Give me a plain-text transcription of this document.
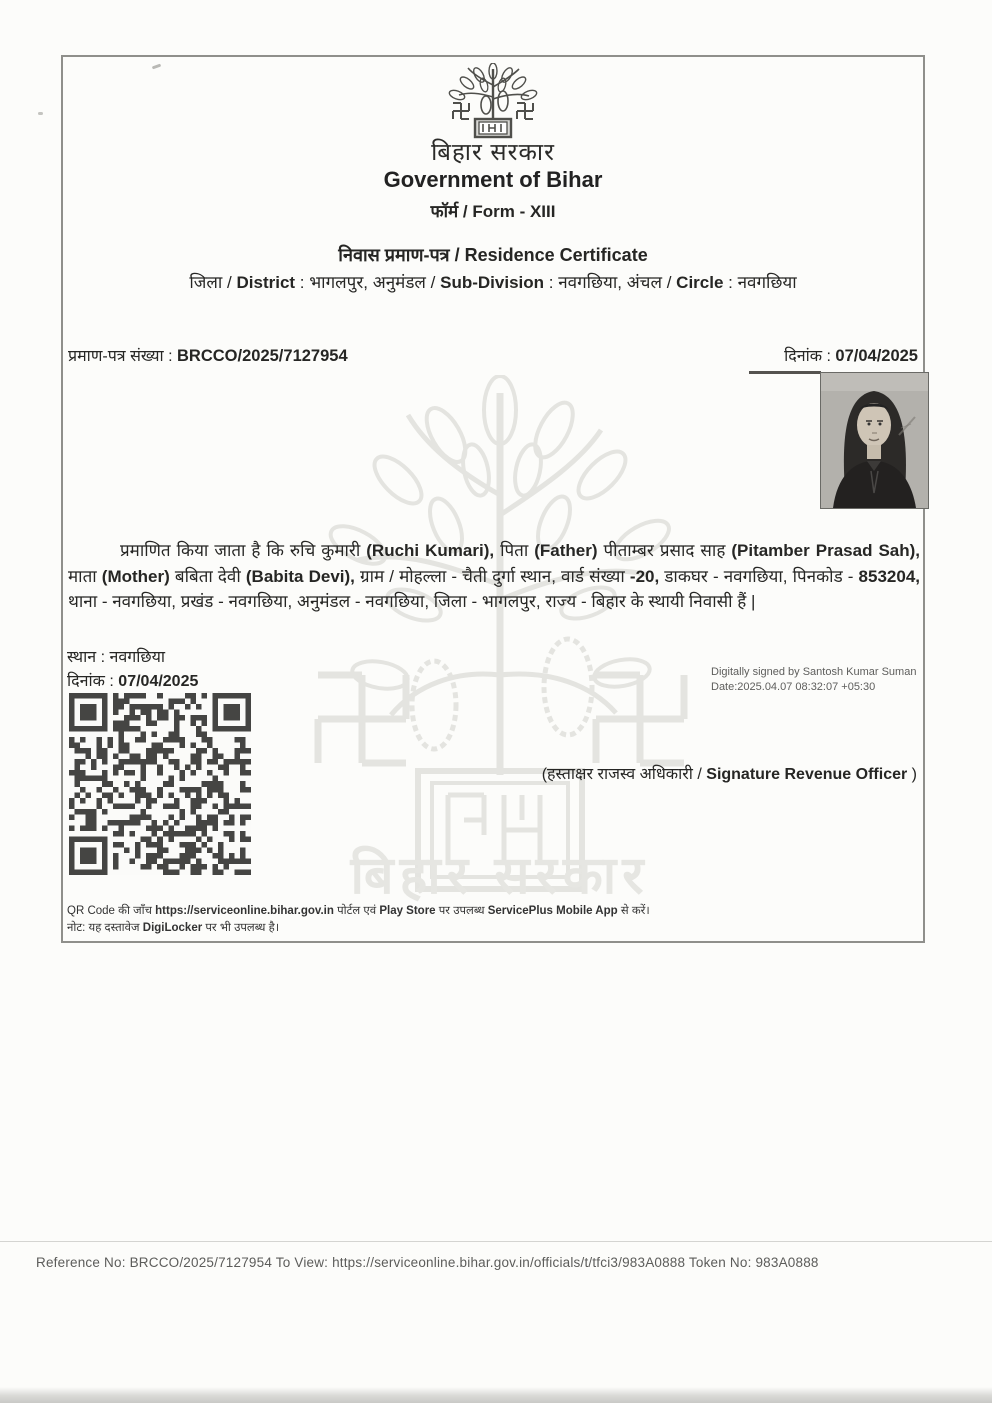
बिहार सरकार
बिहार सरकार
Government of Bihar
फॉर्म / Form - XIII
निवास प्रमाण-पत्र / Residence Certificate
जिला / District : भागलपुर, अनुमंडल / Sub-Division : नवगछिया, अंचल / Circle : नवगछिया
प्रमाण-पत्र संख्या : BRCCO/2025/7127954	दिनांक : 07/04/2025
प्रमाणित किया जाता है कि रुचि कुमारी (Ruchi Kumari), पिता (Father) पीताम्बर प्रसाद साह (Pitamber Prasad Sah), माता (Mother) बबिता देवी (Babita Devi), ग्राम / मोहल्ला - चैती दुर्गा स्थान, वार्ड संख्या -20, डाकघर - नवगछिया, पिनकोड - 853204, थाना - नवगछिया, प्रखंड - नवगछिया, अनुमंडल - नवगछिया, जिला - भागलपुर, राज्य - बिहार के स्थायी निवासी हैं |
स्थान : नवगछिया
दिनांक : 07/04/2025
Digitally signed by Santosh Kumar Suman
Date:2025.04.07 08:32:07 +05:30
(हस्ताक्षर राजस्व अधिकारी / Signature Revenue Officer )
QR Code की जाँच https://serviceonline.bihar.gov.in पोर्टल एवं Play Store पर उपलब्ध ServicePlus Mobile App से करें।
नोट: यह दस्तावेज DigiLocker पर भी उपलब्ध है।
Reference No: BRCCO/2025/7127954 To View: https://serviceonline.bihar.gov.in/officials/t/tfci3/983A0888 Token No: 983A0888
